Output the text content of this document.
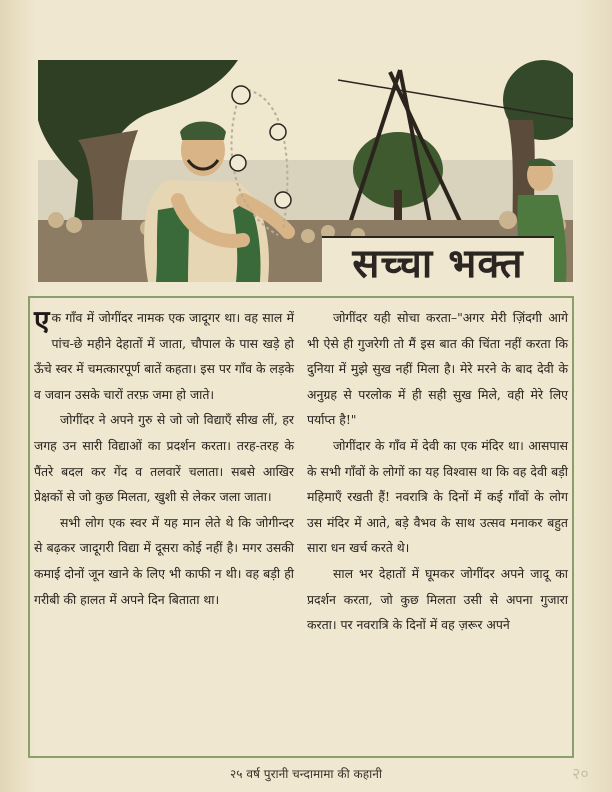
सच्चा भक्त

एक गाँव में जोगींदर नामक एक जादूगर था। वह साल में पांच-छे महीने देहातों में जाता, चौपाल के पास खड़े हो ऊँचे स्वर में चमत्कारपूर्ण बातें कहता। इस पर गाँव के लड़के व जवान उसके चारों तरफ़ जमा हो जाते।

जोगींदर ने अपने गुरु से जो जो विद्याएँ सीख लीं, हर जगह उन सारी विद्याओं का प्रदर्शन करता। तरह-तरह के पैंतरे बदल कर गेंद व तलवारें चलाता। सबसे आखिर प्रेक्षकों से जो कुछ मिलता, खुशी से लेकर जला जाता।

सभी लोग एक स्वर में यह मान लेते थे कि जोगीन्दर से बढ़कर जादूगरी विद्या में दूसरा कोई नहीं है। मगर उसकी कमाई दोनों जून खाने के लिए भी काफी न थी। वह बड़ी ही गरीबी की हालत में अपने दिन बिताता था।

जोगींदर यही सोचा करता–"अगर मेरी ज़िंदगी आगे भी ऐसे ही गुजरेगी तो मैं इस बात की चिंता नहीं करता कि दुनिया में मुझे सुख नहीं मिला है। मेरे मरने के बाद देवी के अनुग्रह से परलोक में ही सही सुख मिले, वही मेरे लिए पर्याप्त है!"

जोगींदार के गाँव में देवी का एक मंदिर था। आसपास के सभी गाँवों के लोगों का यह विश्वास था कि वह देवी बड़ी महिमाएँ रखती हैं! नवरात्रि के दिनों में कई गाँवों के लोग उस मंदिर में आते, बड़े वैभव के साथ उत्सव मनाकर बहुत सारा धन खर्च करते थे।

साल भर देहातों में घूमकर जोगींदर अपने जादू का प्रदर्शन करता, जो कुछ मिलता उसी से अपना गुजारा करता। पर नवरात्रि के दिनों में वह ज़रूर अपने

२५ वर्ष पुरानी चन्दामामा की कहानी	२०
